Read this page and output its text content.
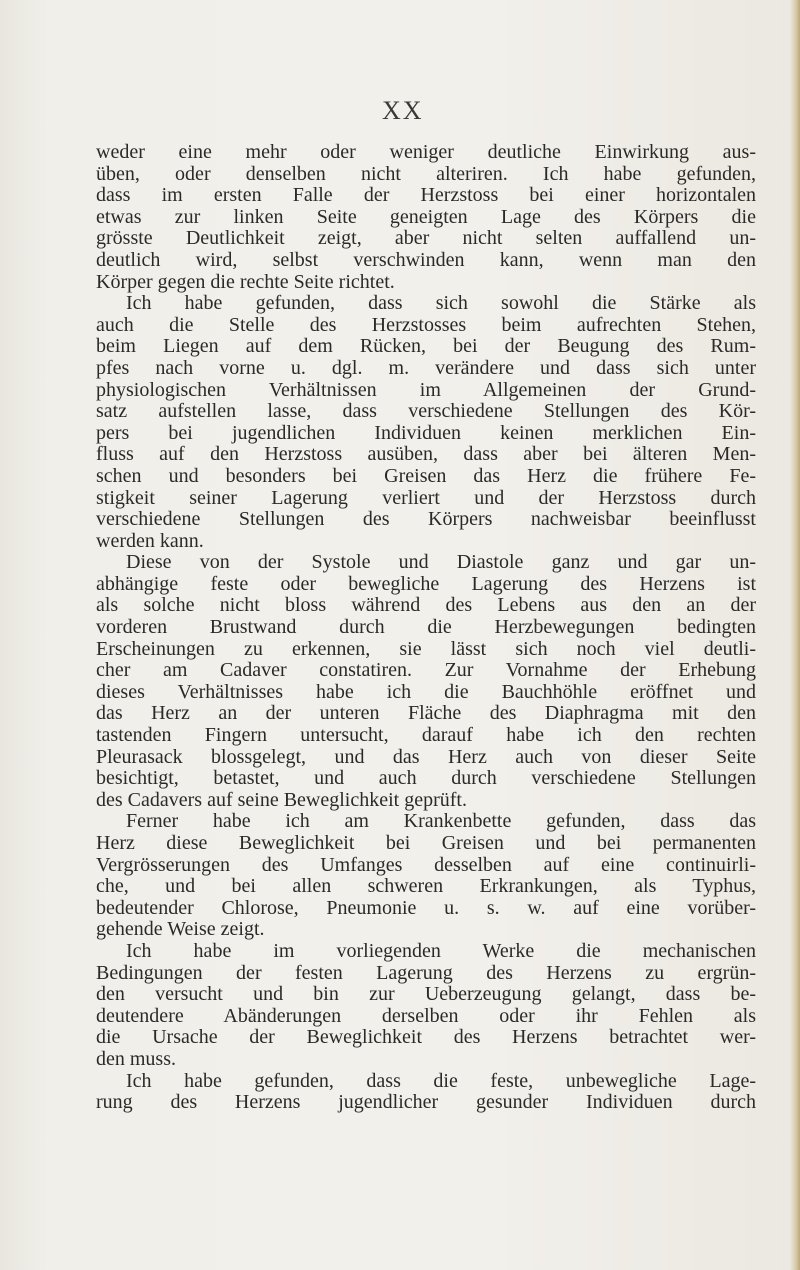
XX
weder eine mehr oder weniger deutliche Einwirkung aus-
üben, oder denselben nicht alteriren. Ich habe gefunden,
dass im ersten Falle der Herzstoss bei einer horizontalen
etwas zur linken Seite geneigten Lage des Körpers die
grösste Deutlichkeit zeigt, aber nicht selten auffallend un-
deutlich wird, selbst verschwinden kann, wenn man den
Körper gegen die rechte Seite richtet.
Ich habe gefunden, dass sich sowohl die Stärke als
auch die Stelle des Herzstosses beim aufrechten Stehen,
beim Liegen auf dem Rücken, bei der Beugung des Rum-
pfes nach vorne u. dgl. m. verändere und dass sich unter
physiologischen Verhältnissen im Allgemeinen der Grund-
satz aufstellen lasse, dass verschiedene Stellungen des Kör-
pers bei jugendlichen Individuen keinen merklichen Ein-
fluss auf den Herzstoss ausüben, dass aber bei älteren Men-
schen und besonders bei Greisen das Herz die frühere Fe-
stigkeit seiner Lagerung verliert und der Herzstoss durch
verschiedene Stellungen des Körpers nachweisbar beeinflusst
werden kann.
Diese von der Systole und Diastole ganz und gar un-
abhängige feste oder bewegliche Lagerung des Herzens ist
als solche nicht bloss während des Lebens aus den an der
vorderen Brustwand durch die Herzbewegungen bedingten
Erscheinungen zu erkennen, sie lässt sich noch viel deutli-
cher am Cadaver constatiren. Zur Vornahme der Erhebung
dieses Verhältnisses habe ich die Bauchhöhle eröffnet und
das Herz an der unteren Fläche des Diaphragma mit den
tastenden Fingern untersucht, darauf habe ich den rechten
Pleurasack blossgelegt, und das Herz auch von dieser Seite
besichtigt, betastet, und auch durch verschiedene Stellungen
des Cadavers auf seine Beweglichkeit geprüft.
Ferner habe ich am Krankenbette gefunden, dass das
Herz diese Beweglichkeit bei Greisen und bei permanenten
Vergrösserungen des Umfanges desselben auf eine continuirli-
che, und bei allen schweren Erkrankungen, als Typhus,
bedeutender Chlorose, Pneumonie u. s. w. auf eine vorüber-
gehende Weise zeigt.
Ich habe im vorliegenden Werke die mechanischen
Bedingungen der festen Lagerung des Herzens zu ergrün-
den versucht und bin zur Ueberzeugung gelangt, dass be-
deutendere Abänderungen derselben oder ihr Fehlen als
die Ursache der Beweglichkeit des Herzens betrachtet wer-
den muss.
Ich habe gefunden, dass die feste, unbewegliche Lage-
rung des Herzens jugendlicher gesunder Individuen durch
